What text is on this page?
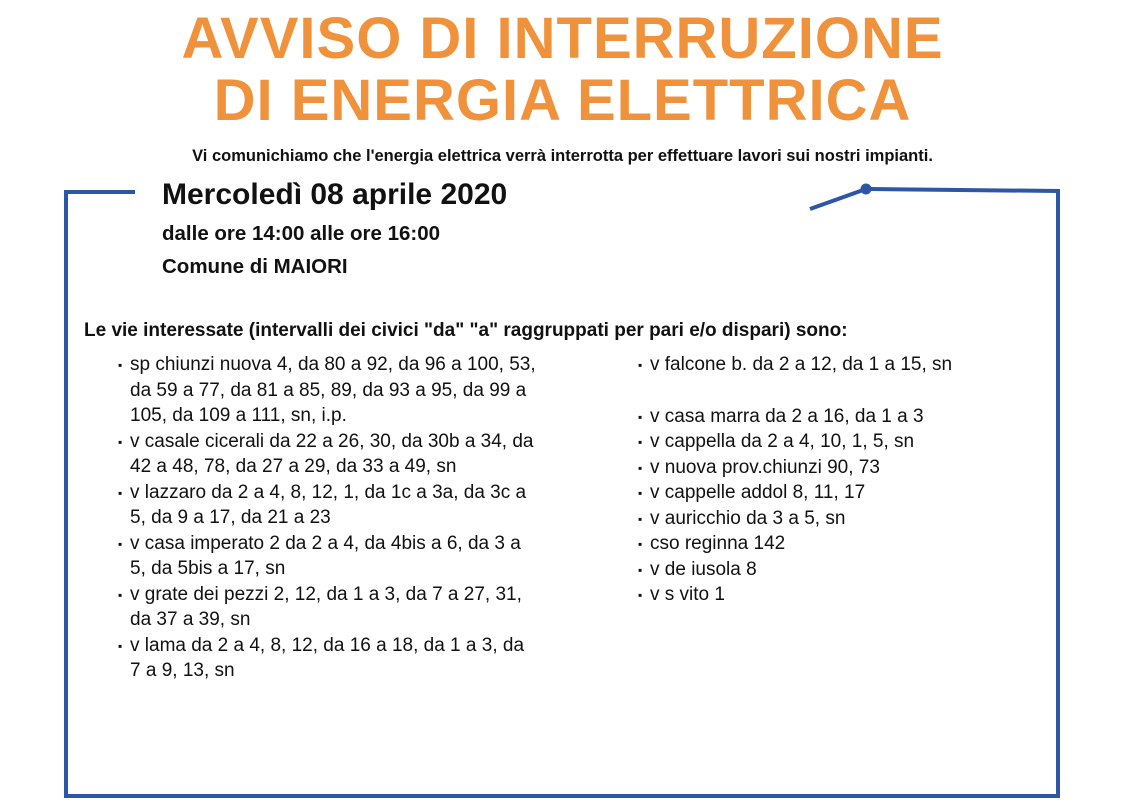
AVVISO DI INTERRUZIONE
DI ENERGIA ELETTRICA
Vi comunichiamo che l'energia elettrica verrà interrotta per effettuare lavori sui nostri impianti.
Mercoledì 08 aprile 2020
dalle ore 14:00 alle ore 16:00
Comune di MAIORI
Le vie interessate (intervalli dei civici "da" "a" raggruppati per pari e/o dispari) sono:
▪ sp chiunzi nuova 4, da 80 a 92, da 96 a 100, 53, da 59 a 77, da 81 a 85, 89, da 93 a 95, da 99 a 105, da 109 a 111, sn, i.p.
▪ v casale cicerali da 22 a 26, 30, da 30b a 34, da 42 a 48, 78, da 27 a 29, da 33 a 49, sn
▪ v lazzaro da 2 a 4, 8, 12, 1, da 1c a 3a, da 3c a 5, da 9 a 17, da 21 a 23
▪ v casa imperato 2 da 2 a 4, da 4bis a 6, da 3 a 5, da 5bis a 17, sn
▪ v grate dei pezzi 2, 12, da 1 a 3, da 7 a 27, 31, da 37 a 39, sn
▪ v lama da 2 a 4, 8, 12, da 16 a 18, da 1 a 3, da 7 a 9, 13, sn
▪ v falcone b. da 2 a 12, da 1 a 15, sn
▪ v casa marra da 2 a 16, da 1 a 3
▪ v cappella da 2 a 4, 10, 1, 5, sn
▪ v nuova prov.chiunzi 90, 73
▪ v cappelle addol 8, 11, 17
▪ v auricchio da 3 a 5, sn
▪ cso reginna 142
▪ v de iusola 8
▪ v s vito 1
